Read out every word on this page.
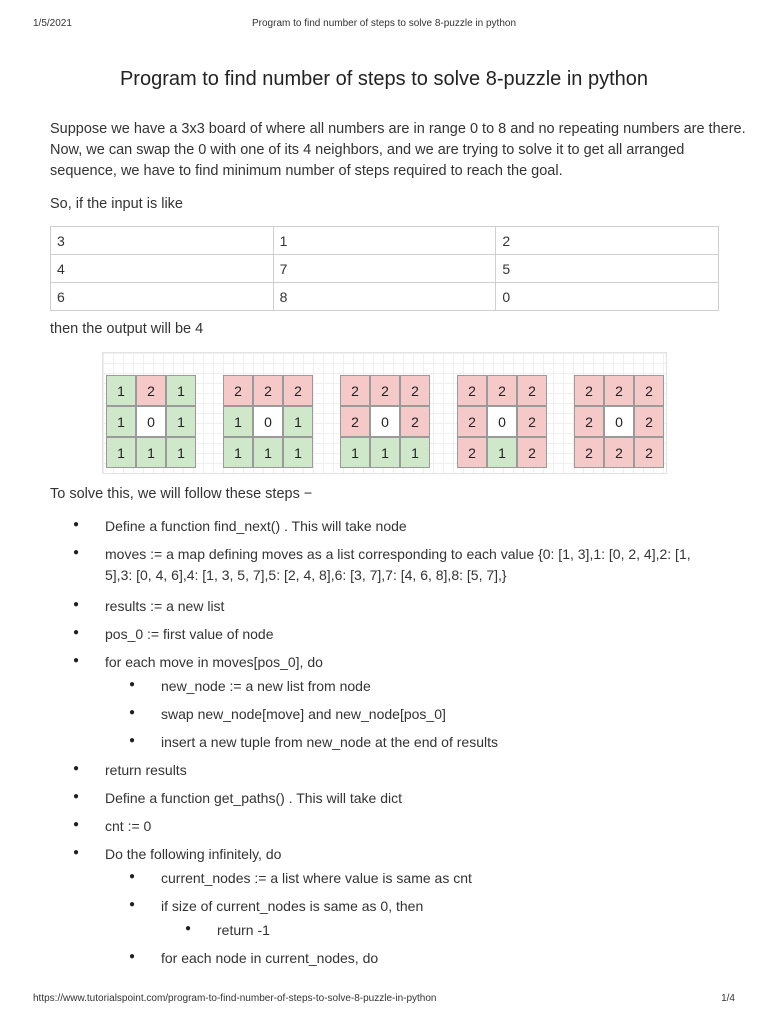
1/5/2021	Program to find number of steps to solve 8-puzzle in python
Program to find number of steps to solve 8-puzzle in python

Suppose we have a 3x3 board of where all numbers are in range 0 to 8 and no repeating numbers are there. Now, we can swap the 0 with one of its 4 neighbors, and we are trying to solve it to get all arranged sequence, we have to find minimum number of steps required to reach the goal.

So, if the input is like

3	1	2
4	7	5
6	8	0

then the output will be 4

1	2	1
1	0	1
1	1	1
2	2	2
1	0	1
1	1	1
2	2	2
2	0	2
1	1	1
2	2	2
2	0	2
2	1	2
2	2	2
2	0	2
2	2	2

To solve this, we will follow these steps −

● Define a function find_next() . This will take node
● moves := a map defining moves as a list corresponding to each value {0: [1, 3],1: [0, 2, 4],2: [1, 5],3: [0, 4, 6],4: [1, 3, 5, 7],5: [2, 4, 8],6: [3, 7],7: [4, 6, 8],8: [5, 7],}
● results := a new list
● pos_0 := first value of node
● for each move in moves[pos_0], do
● new_node := a new list from node
● swap new_node[move] and new_node[pos_0]
● insert a new tuple from new_node at the end of results
● return results
● Define a function get_paths() . This will take dict
● cnt := 0
● Do the following infinitely, do
● current_nodes := a list where value is same as cnt
● if size of current_nodes is same as 0, then
● return -1
● for each node in current_nodes, do
https://www.tutorialspoint.com/program-to-find-number-of-steps-to-solve-8-puzzle-in-python	1/4
